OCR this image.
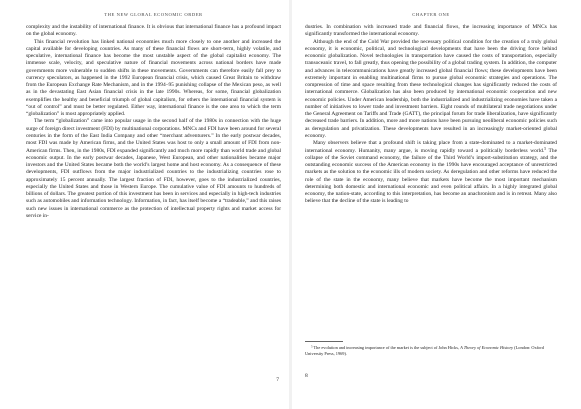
THE NEW GLOBAL ECONOMIC ORDER

complexity and the instability of international finance. It is obvious that international finance has a profound impact on the global economy.

This financial revolution has linked national economies much more closely to one another and increased the capital available for developing countries. As many of these financial flows are short-term, highly volatile, and speculative, international finance has become the most unstable aspect of the global capitalist economy. The immense scale, velocity, and speculative nature of financial movements across national borders have made governments more vulnerable to sudden shifts in these movements. Governments can therefore easily fall prey to currency speculators, as happened in the 1992 European financial crisis, which caused Great Britain to withdraw from the European Exchange Rate Mechanism, and in the 1994–95 punishing collapse of the Mexican peso, as well as in the devastating East Asian financial crisis in the late 1990s. Whereas, for some, financial globalization exemplifies the healthy and beneficial triumph of global capitalism, for others the international financial system is “out of control” and must be better regulated. Either way, international finance is the one area to which the term “globalization” is most appropriately applied.

The term “globalization” came into popular usage in the second half of the 1980s in connection with the huge surge of foreign direct investment (FDI) by multinational corporations. MNCs and FDI have been around for several centuries in the form of the East India Company and other “merchant adventurers.” In the early postwar decades, most FDI was made by American firms, and the United States was host to only a small amount of FDI from non-American firms. Then, in the 1980s, FDI expanded significantly and much more rapidly than world trade and global economic output. In the early postwar decades, Japanese, West European, and other nationalities became major investors and the United States became both the world’s largest home and host economy. As a consequence of these developments, FDI outflows from the major industrialized countries to the industrializing countries rose to approximately 15 percent annually. The largest fraction of FDI, however, goes to the industrialized countries, especially the United States and those in Western Europe. The cumulative value of FDI amounts to hundreds of billions of dollars. The greatest portion of this investment has been in services and especially in high-tech industries such as automobiles and information technology. Information, in fact, has itself become a “tradeable,” and this raises such new issues in international commerce as the protection of intellectual property rights and market access for service in-

7
CHAPTER ONE

dustries. In combination with increased trade and financial flows, the increasing importance of MNCs has significantly transformed the international economy.

Although the end of the Cold War provided the necessary political condition for the creation of a truly global economy, it is economic, political, and technological developments that have been the driving force behind economic globalization. Novel technologies in transportation have caused the costs of transportation, especially transoceanic travel, to fall greatly, thus opening the possibility of a global trading system. In addition, the computer and advances in telecommunications have greatly increased global financial flows; these developments have been extremely important in enabling multinational firms to pursue global economic strategies and operations. The compression of time and space resulting from these technological changes has significantly reduced the costs of international commerce. Globalization has also been produced by international economic cooperation and new economic policies. Under American leadership, both the industrialized and industrializing economies have taken a number of initiatives to lower trade and investment barriers. Eight rounds of multilateral trade negotiations under the General Agreement on Tariffs and Trade (GATT), the principal forum for trade liberalization, have significantly decreased trade barriers. In addition, more and more nations have been pursuing neoliberal economic policies such as deregulation and privatization. These developments have resulted in an increasingly market-oriented global economy.

Many observers believe that a profound shift is taking place from a state-dominated to a market-dominated international economy. Humanity, many argue, is moving rapidly toward a politically borderless world.$^5$ The collapse of the Soviet command economy, the failure of the Third World’s import-substitution strategy, and the outstanding economic success of the American economy in the 1990s have encouraged acceptance of unrestricted markets as the solution to the economic ills of modern society. As deregulation and other reforms have reduced the role of the state in the economy, many believe that markets have become the most important mechanism determining both domestic and international economic and even political affairs. In a highly integrated global economy, the nation-state, according to this interpretation, has become an anachronism and is in retreat. Many also believe that the decline of the state is leading to

$^5$ The evolution and increasing importance of the market is the subject of John Hicks, A Theory of Economic History (London: Oxford University Press, 1969).
8
